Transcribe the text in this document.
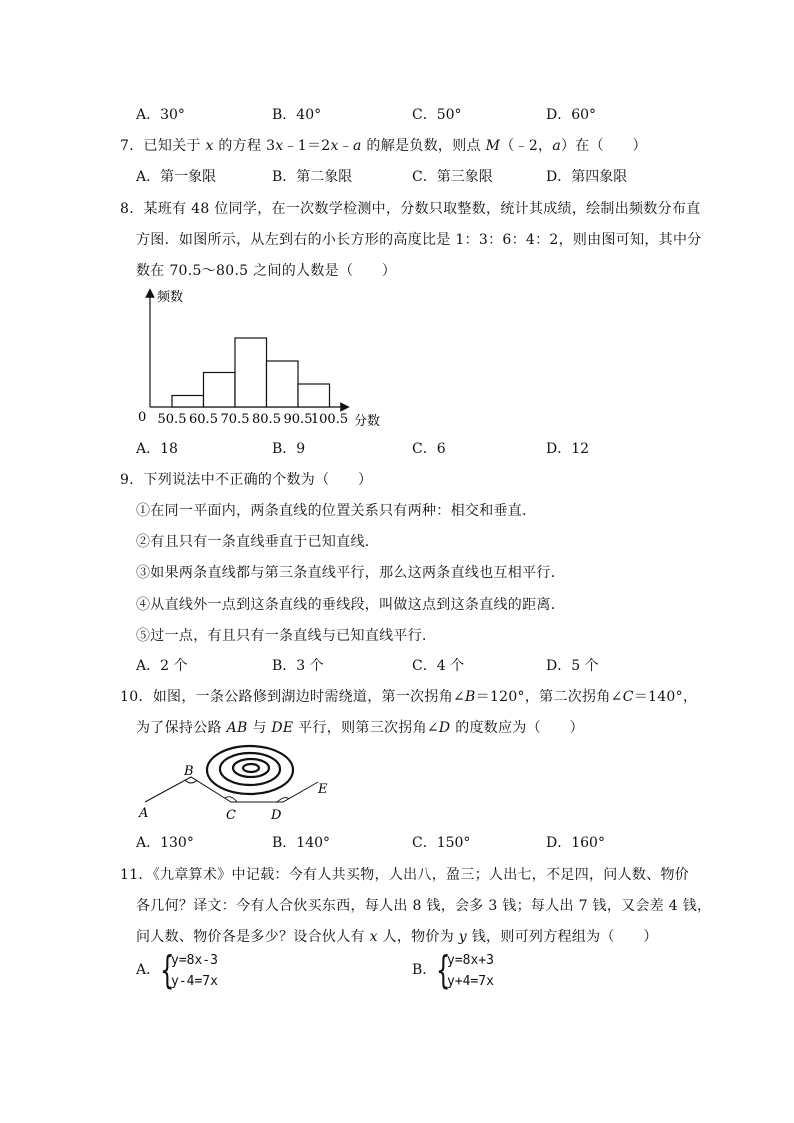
A．30°	B．40°	C．50°	D．60°
7．已知关于 x 的方程 3x﹣1＝2x﹣a 的解是负数，则点 M（﹣2，a）在（　　）
A．第一象限	B．第二象限	C．第三象限	D．第四象限
8．某班有 48 位同学，在一次数学检测中，分数只取整数，统计其成绩，绘制出频数分布直
方图．如图所示，从左到右的小长方形的高度比是 1：3：6：4：2，则由图可知，其中分
数在 70.5～80.5 之间的人数是（　　）
频数
分数
0 50.5 60.5 70.5 80.5 90.5
100.5
A．18	B．9	C．6	D．12
9．下列说法中不正确的个数为（　　）
①在同一平面内，两条直线的位置关系只有两种：相交和垂直．
②有且只有一条直线垂直于已知直线．
③如果两条直线都与第三条直线平行，那么这两条直线也互相平行．
④从直线外一点到这条直线的垂线段，叫做这点到这条直线的距离．
⑤过一点，有且只有一条直线与已知直线平行．
A．2 个	B．3 个	C．4 个	D．5 个
10．如图，一条公路修到湖边时需绕道，第一次拐角∠B＝120°，第二次拐角∠C＝140°，
为了保持公路 AB 与 DE 平行，则第三次拐角∠D 的度数应为（　　）
A
B
C	D
E
A．130°	B．140°	C．150°	D．160°
11．《九章算术》中记载：今有人共买物，人出八，盈三；人出七，不足四，问人数、物价
各几何？译文：今有人合伙买东西，每人出 8 钱，会多 3 钱；每人出 7 钱，又会差 4 钱，
问人数、物价各是多少？设合伙人有 x 人，物价为 y 钱，则可列方程组为（　　）
A． {
y=8x-3
y-4=7x
B． {
y=8x+3
y+4=7x
